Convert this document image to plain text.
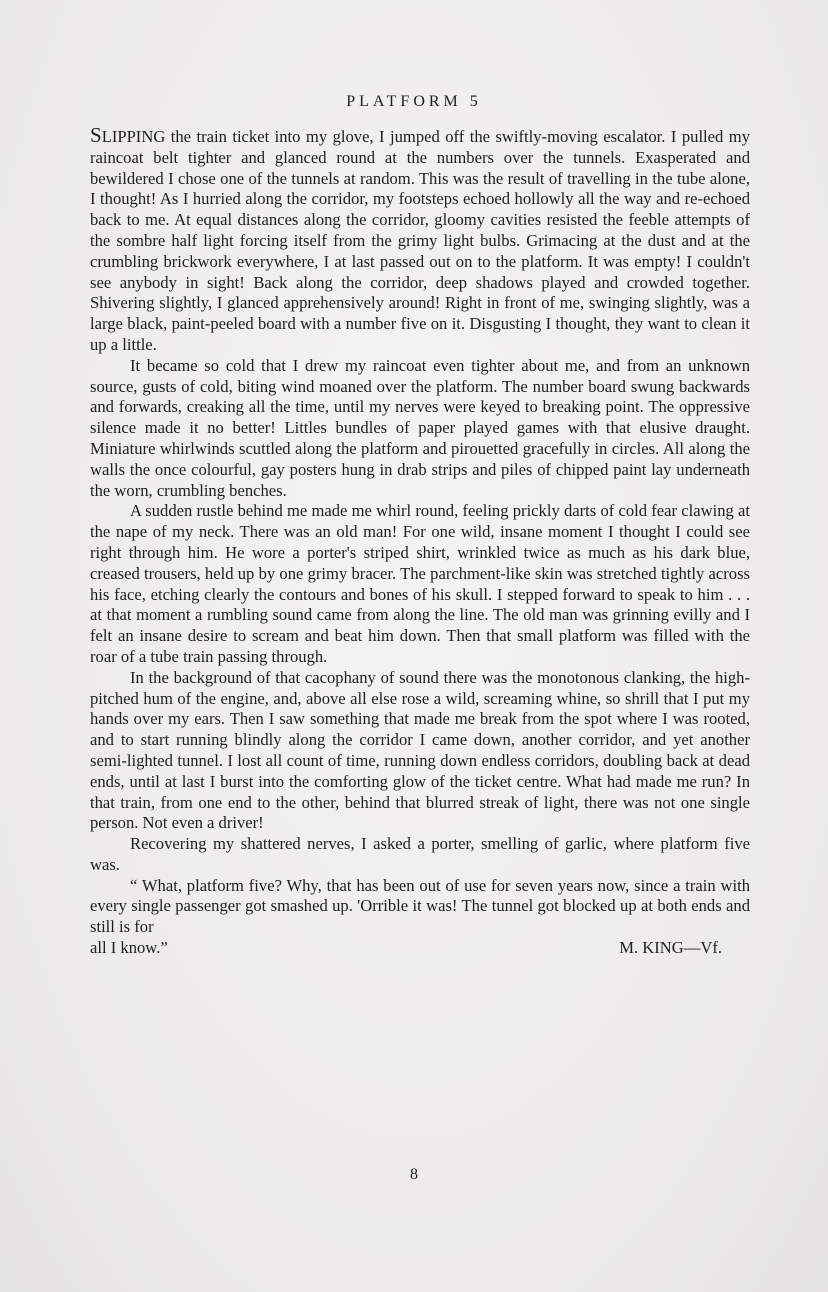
PLATFORM 5

SLIPPING the train ticket into my glove, I jumped off the swiftly-moving escalator. I pulled my raincoat belt tighter and glanced round at the numbers over the tunnels. Exasperated and bewildered I chose one of the tunnels at random. This was the result of travelling in the tube alone, I thought! As I hurried along the corridor, my footsteps echoed hollowly all the way and re-echoed back to me. At equal distances along the corridor, gloomy cavities resisted the feeble attempts of the sombre half light forcing itself from the grimy light bulbs. Grimacing at the dust and at the crumbling brickwork everywhere, I at last passed out on to the platform. It was empty! I couldn't see anybody in sight! Back along the corridor, deep shadows played and crowded together. Shivering slightly, I glanced apprehensively around! Right in front of me, swinging slightly, was a large black, paint-peeled board with a number five on it. Disgusting I thought, they want to clean it up a little.

It became so cold that I drew my raincoat even tighter about me, and from an unknown source, gusts of cold, biting wind moaned over the platform. The number board swung backwards and forwards, creaking all the time, until my nerves were keyed to breaking point. The oppressive silence made it no better! Littles bundles of paper played games with that elusive draught. Miniature whirlwinds scuttled along the platform and pirouetted gracefully in circles. All along the walls the once colourful, gay posters hung in drab strips and piles of chipped paint lay underneath the worn, crumbling benches.

A sudden rustle behind me made me whirl round, feeling prickly darts of cold fear clawing at the nape of my neck. There was an old man! For one wild, insane moment I thought I could see right through him. He wore a porter's striped shirt, wrinkled twice as much as his dark blue, creased trousers, held up by one grimy bracer. The parchment-like skin was stretched tightly across his face, etching clearly the contours and bones of his skull. I stepped forward to speak to him . . . at that moment a rumbling sound came from along the line. The old man was grinning evilly and I felt an insane desire to scream and beat him down. Then that small platform was filled with the roar of a tube train passing through.

In the background of that cacophany of sound there was the monotonous clanking, the high-pitched hum of the engine, and, above all else rose a wild, screaming whine, so shrill that I put my hands over my ears. Then I saw something that made me break from the spot where I was rooted, and to start running blindly along the corridor I came down, another corridor, and yet another semi-lighted tunnel. I lost all count of time, running down endless corridors, doubling back at dead ends, until at last I burst into the comforting glow of the ticket centre. What had made me run? In that train, from one end to the other, behind that blurred streak of light, there was not one single person. Not even a driver!

Recovering my shattered nerves, I asked a porter, smelling of garlic, where platform five was.

“ What, platform five? Why, that has been out of use for seven years now, since a train with every single passenger got smashed up. 'Orrible it was! The tunnel got blocked up at both ends and still is for

all I know.”	M. KING—Vf.
8
